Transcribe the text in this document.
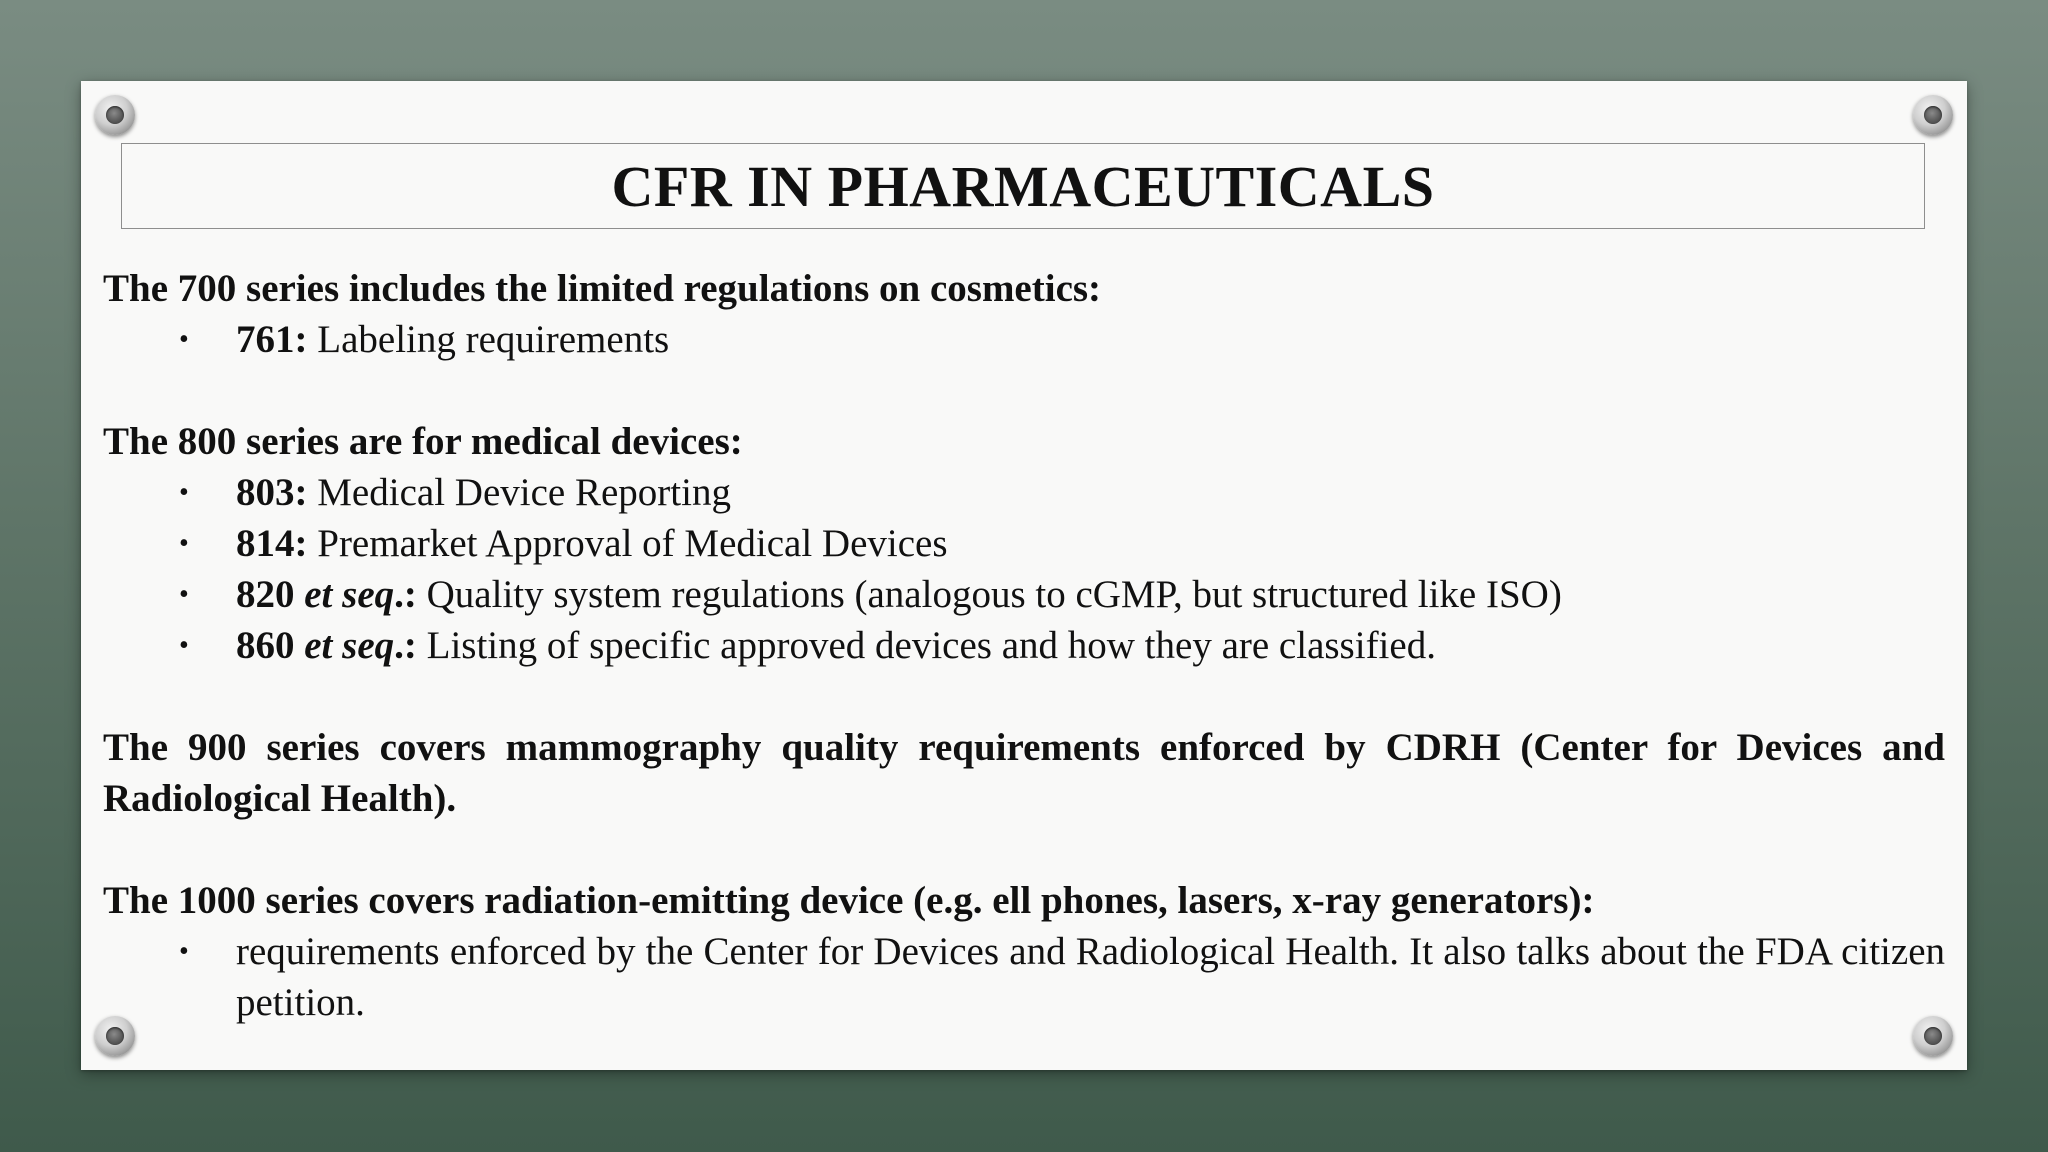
CFR IN PHARMACEUTICALS

The 700 series includes the limited regulations on cosmetics:

• 761: Labeling requirements

The 800 series are for medical devices:

• 803: Medical Device Reporting
• 814: Premarket Approval of Medical Devices
• 820 et seq.: Quality system regulations (analogous to cGMP, but structured like ISO)
• 860 et seq.: Listing of specific approved devices and how they are classified.

The 900 series covers mammography quality requirements enforced by CDRH (Center for Devices and Radiological Health).

The 1000 series covers radiation-emitting device (e.g. ell phones, lasers, x-ray generators):

• requirements enforced by the Center for Devices and Radiological Health. It also talks about the FDA citizen petition.
